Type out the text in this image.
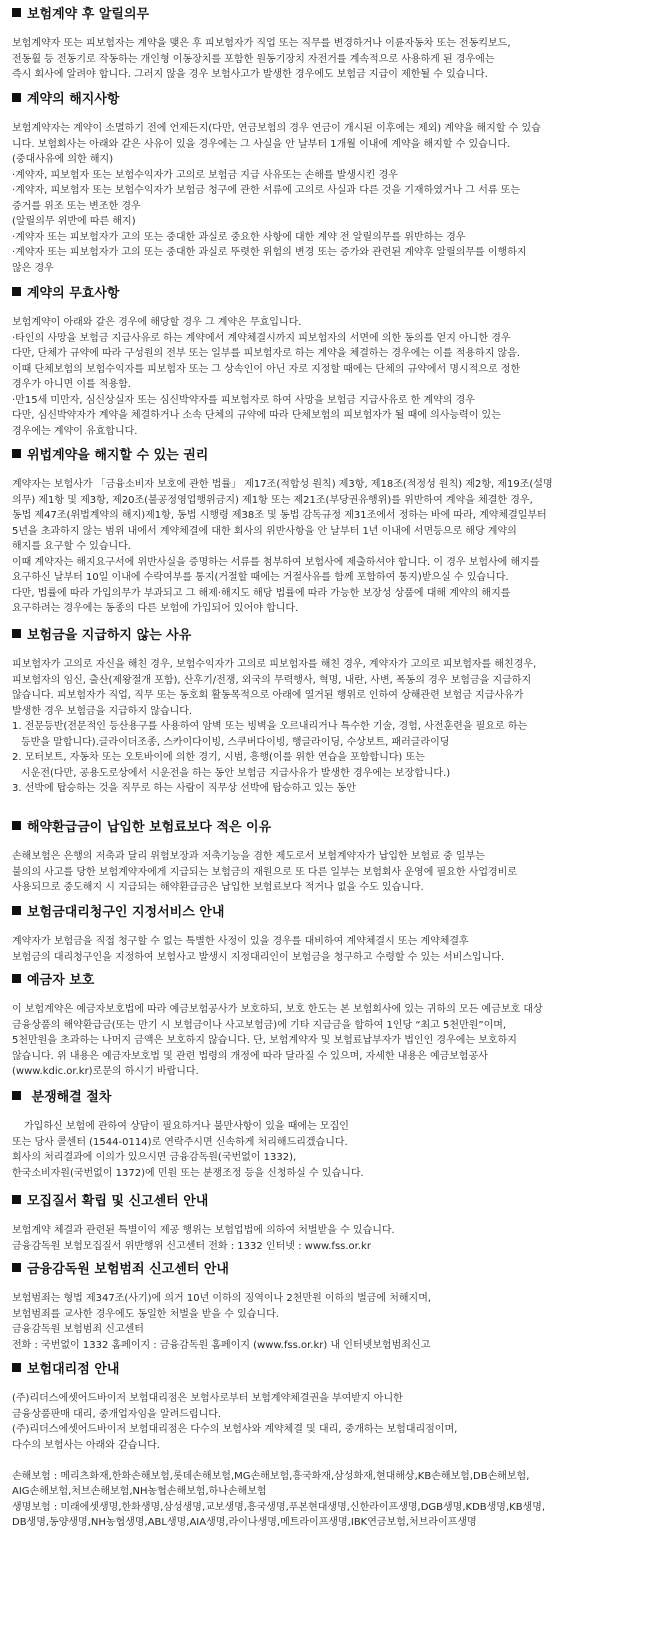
보험계약 후 알릴의무
보험계약자 또는 피보험자는 계약을 맺은 후 피보험자가 직업 또는 직무를 변경하거나 이륜자동차 또는 전동킥보드,
전동휠 등 전동기로 작동하는 개인형 이동장치를 포함한 원동기장치 자전거를 계속적으로 사용하게 된 경우에는
즉시 회사에 알려야 합니다. 그러지 않을 경우 보험사고가 발생한 경우에도 보험금 지급이 제한될 수 있습니다.
계약의 해지사항
보험계약자는 계약이 소멸하기 전에 언제든지(다만, 연금보험의 경우 연금이 개시된 이후에는 제외) 계약을 해지할 수 있습
니다. 보험회사는 아래와 같은 사유이 있을 경우에는 그 사실을 안 날부터 1개월 이내에 계약을 해지할 수 있습니다.
(중대사유에 의한 해지)
·계약자, 피보험자 또는 보험수익자가 고의로 보험금 지급 사유또는 손해를 발생시킨 경우
·계약자, 피보험자 또는 보험수익자가 보험금 청구에 관한 서류에 고의로 사실과 다른 것을 기재하였거나 그 서류 또는
증거를 위조 또는 변조한 경우
(알릴의무 위반에 따른 해지)
·계약자 또는 피보험자가 고의 또는 중대한 과실로 중요한 사항에 대한 계약 전 알릴의무를 위반하는 경우
·계약자 또는 피보험자가 고의 또는 중대한 과실로 뚜렷한 위험의 변경 또는 증가와 관련된 계약후 알릴의무를 이행하지
않은 경우
계약의 무효사항
보험계약이 아래와 같은 경우에 해당할 경우 그 계약은 무효입니다.
·타인의 사망을 보험금 지급사유로 하는 계약에서 계약체결시까지 피보험자의 서면에 의한 동의를 얻지 아니한 경우
다만, 단체가 규약에 따라 구성원의 전부 또는 일부를 피보험자로 하는 계약을 체결하는 경우에는 이를 적용하지 않음.
이때 단체보험의 보험수익자를 피보험자 또는 그 상속인이 아닌 자로 지정할 때에는 단체의 규약에서 명시적으로 정한
경우가 아니면 이를 적용함.
·만15세 미만자, 심신상실자 또는 심신박약자를 피보험자로 하여 사망을 보험금 지급사유로 한 계약의 경우
다만, 심신박약자가 계약을 체결하거나 소속 단체의 규약에 따라 단체보험의 피보험자가 될 때에 의사능력이 있는
경우에는 계약이 유효합니다.
위법계약을 해지할 수 있는 권리
계약자는 보험사가 「금융소비자 보호에 관한 법률」 제17조(적합성 원칙) 제3항, 제18조(적정성 원칙) 제2항, 제19조(설명
의무) 제1항 및 제3항, 제20조(불공정영업행위금지) 제1항 또는 제21조(부당권유행위)를 위반하여 계약을 체결한 경우,
동법 제47조(위법계약의 해지)제1항, 동법 시행령 제38조 및 동법 감독규정 제31조에서 정하는 바에 따라, 계약체결일부터
5년을 초과하지 않는 범위 내에서 계약체결에 대한 회사의 위반사항을 안 날부터 1년 이내에 서면등으로 해당 계약의
해지를 요구할 수 있습니다.
이때 계약자는 해지요구서에 위반사실을 증명하는 서류를 첨부하여 보험사에 제출하셔야 합니다. 이 경우 보험사에 해지를
요구하신 날부터 10일 이내에 수락여부를 통지(거절할 때에는 거절사유를 함께 포함하여 통지)받으실 수 있습니다.
다만, 법률에 따라 가입의무가 부과되고 그 해제·해지도 해당 법률에 따라 가능한 보장성 상품에 대해 계약의 해지를
요구하려는 경우에는 동종의 다른 보험에 가입되어 있어야 합니다.
보험금을 지급하지 않는 사유
피보험자가 고의로 자신을 해친 경우, 보험수익자가 고의로 피보험자를 해친 경우, 계약자가 고의로 피보험자를 해친경우,
피보험자의 임신, 출산(제왕절개 포함), 산후기/전쟁, 외국의 무력행사, 혁명, 내란, 사변, 폭동의 경우 보험금을 지급하지
않습니다. 피보험자가 직업, 직무 또는 동호회 활동목적으로 아래에 열거된 행위로 인하여 상해관련 보험금 지급사유가
발생한 경우 보험금을 지급하지 않습니다.
1. 전문등반(전문적인 등산용구를 사용하여 암벽 또는 빙벽을 오르내리거나 특수한 기술, 경험, 사전훈련을 필요로 하는
등반을 말합니다).글라이더조종, 스카이다이빙, 스쿠버다이빙, 행글라이딩, 수상보트, 패러글라이딩
2. 모터보트, 자동차 또는 오토바이에 의한 경기, 시범, 흥행(이를 위한 연습을 포함합니다) 또는
시운전(다만, 공용도로상에서 시운전을 하는 동안 보험금 지급사유가 발생한 경우에는 보장합니다.)
3. 선박에 탑승하는 것을 직무로 하는 사람이 직무상 선박에 탑승하고 있는 동안
해약환급금이 납입한 보험료보다 적은 이유
손해보험은 은행의 저축과 달리 위험보장과 저축기능을 겸한 제도로서 보험계약자가 납입한 보험료 중 일부는
불의의 사고를 당한 보험계약자에게 지급되는 보험금의 재원으로 또 다른 일부는 보험회사 운영에 필요한 사업경비로
사용되므로 중도해지 시 지급되는 해약환급금은 납입한 보험료보다 적거나 없을 수도 있습니다.
보험금대리청구인 지정서비스 안내
계약자가 보험금을 직접 청구할 수 없는 특별한 사정이 있을 경우를 대비하여 계약체결시 또는 계약체결후
보험금의 대리청구인을 지정하여 보험사고 발생시 지정대리인이 보험금을 청구하고 수령할 수 있는 서비스입니다.
예금자 보호
이 보험계약은 예금자보호법에 따라 예금보험공사가 보호하되, 보호 한도는 본 보험회사에 있는 귀하의 모든 예금보호 대상
금융상품의 해약환급금(또는 만기 시 보험금이나 사고보험금)에 기타 지급금을 합하여 1인당 “최고 5천만원”이며,
5천만원을 초과하는 나머지 금액은 보호하지 않습니다. 단, 보험계약자 및 보험료납부자가 법인인 경우에는 보호하지
않습니다. 위 내용은 예금자보호법 및 관련 법령의 개정에 따라 달라질 수 있으며, 자세한 내용은 예금보험공사
(www.kdic.or.kr)로문의 하시기 바랍니다.
분쟁해결 절차
가입하신 보험에 관하여 상담이 필요하거나 불만사항이 있을 때에는 모집인
또는 당사 콜센터 (1544-0114)로 연락주시면 신속하게 처리해드리겠습니다.
회사의 처리결과에 이의가 있으시면 금융감독원(국번없이 1332),
한국소비자원(국번없이 1372)에 민원 또는 분쟁조정 등을 신청하실 수 있습니다.
모집질서 확립 및 신고센터 안내
보험계약 체결과 관련된 특별이익 제공 행위는 보험업법에 의하여 처벌받을 수 있습니다.
금융감독원 보험모집질서 위반행위 신고센터 전화 : 1332 인터넷 : www.fss.or.kr
금융감독원 보험범죄 신고센터 안내
보험범죄는 형법 제347조(사기)에 의거 10년 이하의 징역이나 2천만원 이하의 벌금에 처해지며,
보험범죄를 교사한 경우에도 동일한 처벌을 받을 수 있습니다.
금융감독원 보험범죄 신고센터
전화 : 국번없이 1332 홈페이지 : 금융감독원 홈페이지 (www.fss.or.kr) 내 인터넷보험범죄신고
보험대리점 안내
(주)리더스에셋어드바이저 보험대리점은 보험사로부터 보험계약체결권을 부여받지 아니한
금융상품판매 대리, 중개업자임을 알려드립니다.
(주)리더스에셋어드바이저 보험대리점은 다수의 보험사와 계약체결 및 대리, 중개하는 보험대리점이며,
다수의 보험사는 아래와 같습니다.
손해보험 : 메리츠화재,한화손해보험,롯데손해보험,MG손해보험,흥국화재,삼성화재,현대해상,KB손해보험,DB손해보험,
AIG손해보험,처브손해보험,NH농협손해보험,하나손해보험
생명보험 : 미래에셋생명,한화생명,삼성생명,교보생명,흥국생명,푸본현대생명,신한라이프생명,DGB생명,KDB생명,KB생명,
DB생명,동양생명,NH농협생명,ABL생명,AIA생명,라이나생명,메트라이프생명,IBK연금보험,처브라이프생명
